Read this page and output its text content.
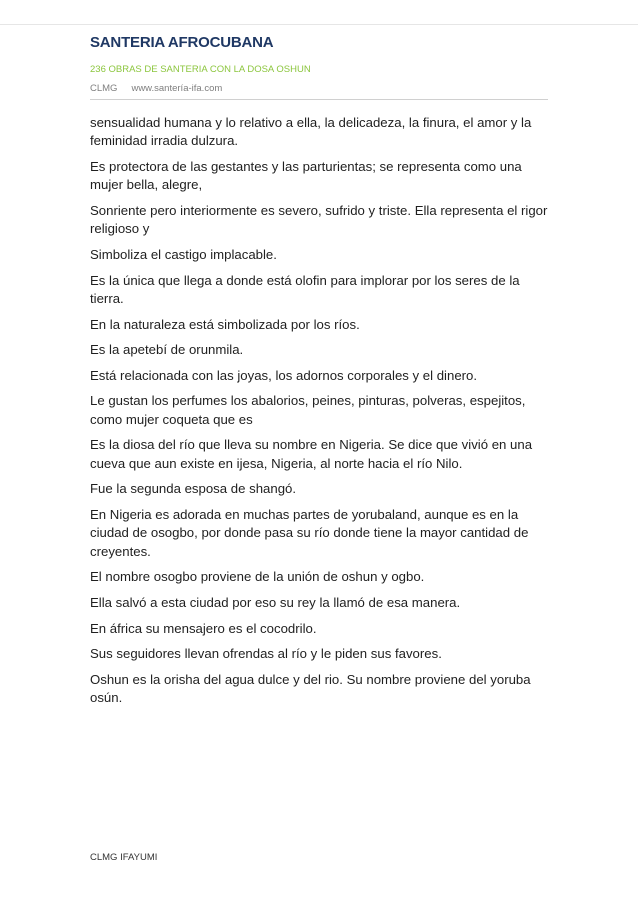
SANTERIA AFROCUBANA
236 OBRAS DE SANTERIA CON LA DOSA OSHUN
CLMG www.santería-ifa.com

sensualidad humana y lo relativo a ella, la delicadeza, la finura, el amor y la feminidad irradia dulzura.

Es protectora de las gestantes y las parturientas; se representa como una mujer bella, alegre,

Sonriente pero interiormente es severo, sufrido y triste. Ella representa el rigor religioso y

Simboliza el castigo implacable.

Es la única que llega a donde está olofin para implorar por los seres de la tierra.

En la naturaleza está simbolizada por los ríos.

Es la apetebí de orunmila.

Está relacionada con las joyas, los adornos corporales y el dinero.

Le gustan los perfumes los abalorios, peines, pinturas, polveras, espejitos, como mujer coqueta que es

Es la diosa del río que lleva su nombre en Nigeria. Se dice que vivió en una cueva que aun existe en ijesa, Nigeria, al norte hacia el río Nilo.

Fue la segunda esposa de shangó.

En Nigeria es adorada en muchas partes de yorubaland, aunque es en la ciudad de osogbo, por donde pasa su río donde tiene la mayor cantidad de creyentes.

El nombre osogbo proviene de la unión de oshun y ogbo.

Ella salvó a esta ciudad por eso su rey la llamó de esa manera.

En áfrica su mensajero es el cocodrilo.

Sus seguidores llevan ofrendas al río y le piden sus favores.

Oshun es la orisha del agua dulce y del rio. Su nombre proviene del yoruba osún.

CLMG IFAYUMI
